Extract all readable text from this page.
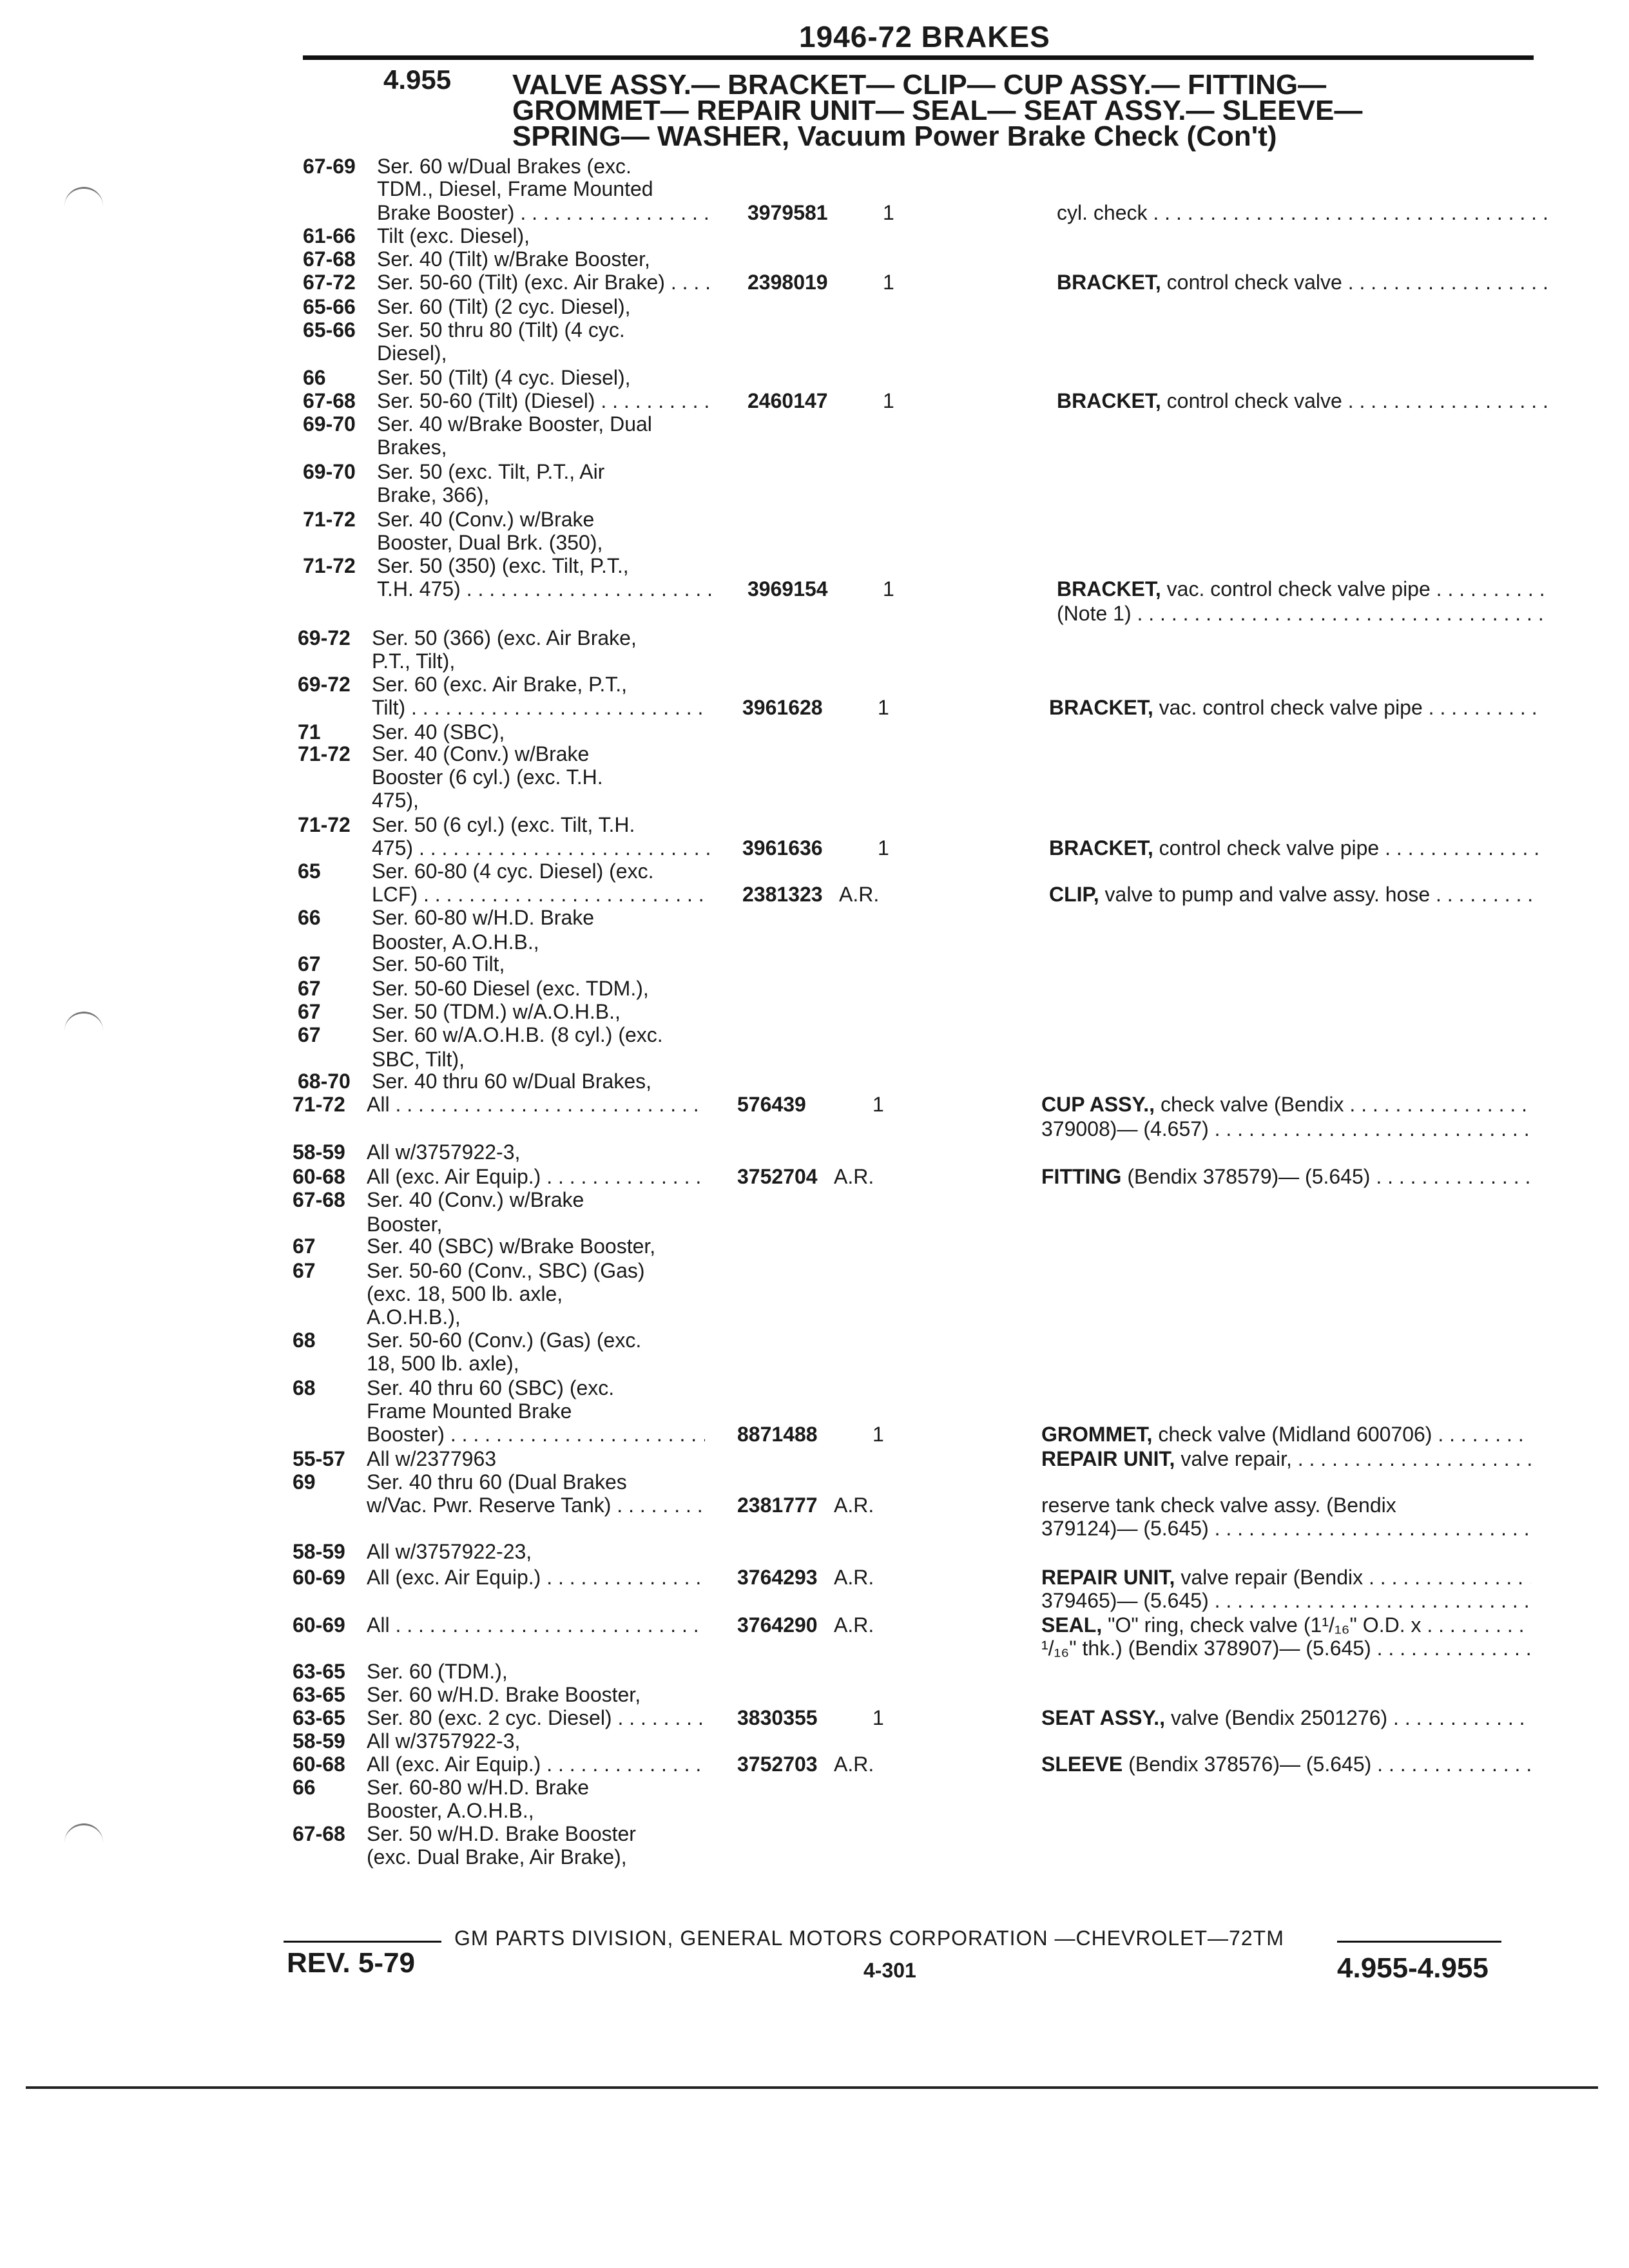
1946-72 BRAKES
4.955 VALVE ASSY.— BRACKET— CLIP— CUP ASSY.— FITTING—
GROMMET— REPAIR UNIT— SEAL— SEAT ASSY.— SLEEVE—
SPRING— WASHER, Vacuum Power Brake Check (Con't)
67-69	Ser. 60 w/Dual Brakes (exc.
TDM., Diesel, Frame Mounted
Brake Booster) . . .	3979581	1	cyl. check . . .
61-66	Tilt (exc. Diesel),
67-68	Ser. 40 (Tilt) w/Brake Booster,
67-72	Ser. 50-60 (Tilt) (exc. Air Brake) . . .	2398019	1	BRACKET, control check valve . . .
65-66	Ser. 60 (Tilt) (2 cyc. Diesel),
65-66	Ser. 50 thru 80 (Tilt) (4 cyc.
Diesel),
66	Ser. 50 (Tilt) (4 cyc. Diesel),
67-68	Ser. 50-60 (Tilt) (Diesel) . . .	2460147	1	BRACKET, control check valve . . .
69-70	Ser. 40 w/Brake Booster, Dual
Brakes,
69-70	Ser. 50 (exc. Tilt, P.T., Air
Brake, 366),
71-72	Ser. 40 (Conv.) w/Brake
Booster, Dual Brk. (350),
71-72	Ser. 50 (350) (exc. Tilt, P.T.,
T.H. 475) . . .	3969154	1	BRACKET, vac. control check valve pipe . . .
(Note 1) . . .
69-72	Ser. 50 (366) (exc. Air Brake,
P.T., Tilt),
69-72	Ser. 60 (exc. Air Brake, P.T.,
Tilt) . . .	3961628	1	BRACKET, vac. control check valve pipe . . .
71	Ser. 40 (SBC),
71-72	Ser. 40 (Conv.) w/Brake
Booster (6 cyl.) (exc. T.H.
475),
71-72	Ser. 50 (6 cyl.) (exc. Tilt, T.H.
475) . . .	3961636	1	BRACKET, control check valve pipe . . .
65	Ser. 60-80 (4 cyc. Diesel) (exc.
LCF) . . .	2381323 A.R.	CLIP, valve to pump and valve assy. hose . . .
66	Ser. 60-80 w/H.D. Brake
Booster, A.O.H.B.,
67	Ser. 50-60 Tilt,
67	Ser. 50-60 Diesel (exc. TDM.),
67	Ser. 50 (TDM.) w/A.O.H.B.,
67	Ser. 60 w/A.O.H.B. (8 cyl.) (exc.
SBC, Tilt),
68-70	Ser. 40 thru 60 w/Dual Brakes,
71-72	All . . .	576439	1	CUP ASSY., check valve (Bendix . . .
379008)— (4.657) . . .
58-59	All w/3757922-3,
60-68	All (exc. Air Equip.) . . .	3752704 A.R.	FITTING (Bendix 378579)— (5.645) . . .
67-68	Ser. 40 (Conv.) w/Brake
Booster,
67	Ser. 40 (SBC) w/Brake Booster,
67	Ser. 50-60 (Conv., SBC) (Gas)
(exc. 18, 500 lb. axle,
A.O.H.B.),
68	Ser. 50-60 (Conv.) (Gas) (exc.
18, 500 lb. axle),
68	Ser. 40 thru 60 (SBC) (exc.
Frame Mounted Brake
Booster) . . .	8871488	1	GROMMET, check valve (Midland 600706) . . .
55-57	All w/2377963	REPAIR UNIT, valve repair, . . .
69	Ser. 40 thru 60 (Dual Brakes
w/Vac. Pwr. Reserve Tank) . . .	2381777 A.R.	reserve tank check valve assy. (Bendix
379124)— (5.645) . . .
58-59	All w/3757922-23,
60-69	All (exc. Air Equip.) . . .	3764293 A.R.	REPAIR UNIT, valve repair (Bendix . . .
379465)— (5.645) . . .
60-69	All . . .	3764290 A.R.	SEAL, "O" ring, check valve (1¹/₁₆" O.D. x . . .
¹/₁₆" thk.) (Bendix 378907)— (5.645) . . .
63-65	Ser. 60 (TDM.),
63-65	Ser. 60 w/H.D. Brake Booster,
63-65	Ser. 80 (exc. 2 cyc. Diesel) . . .	3830355	1	SEAT ASSY., valve (Bendix 2501276) . . .
58-59	All w/3757922-3,
60-68	All (exc. Air Equip.) . . .	3752703 A.R.	SLEEVE (Bendix 378576)— (5.645) . . .
66	Ser. 60-80 w/H.D. Brake
Booster, A.O.H.B.,
67-68	Ser. 50 w/H.D. Brake Booster
(exc. Dual Brake, Air Brake),
GM PARTS DIVISION, GENERAL MOTORS CORPORATION —CHEVROLET—72TM
REV. 5-79	4-301	4.955-4.955
